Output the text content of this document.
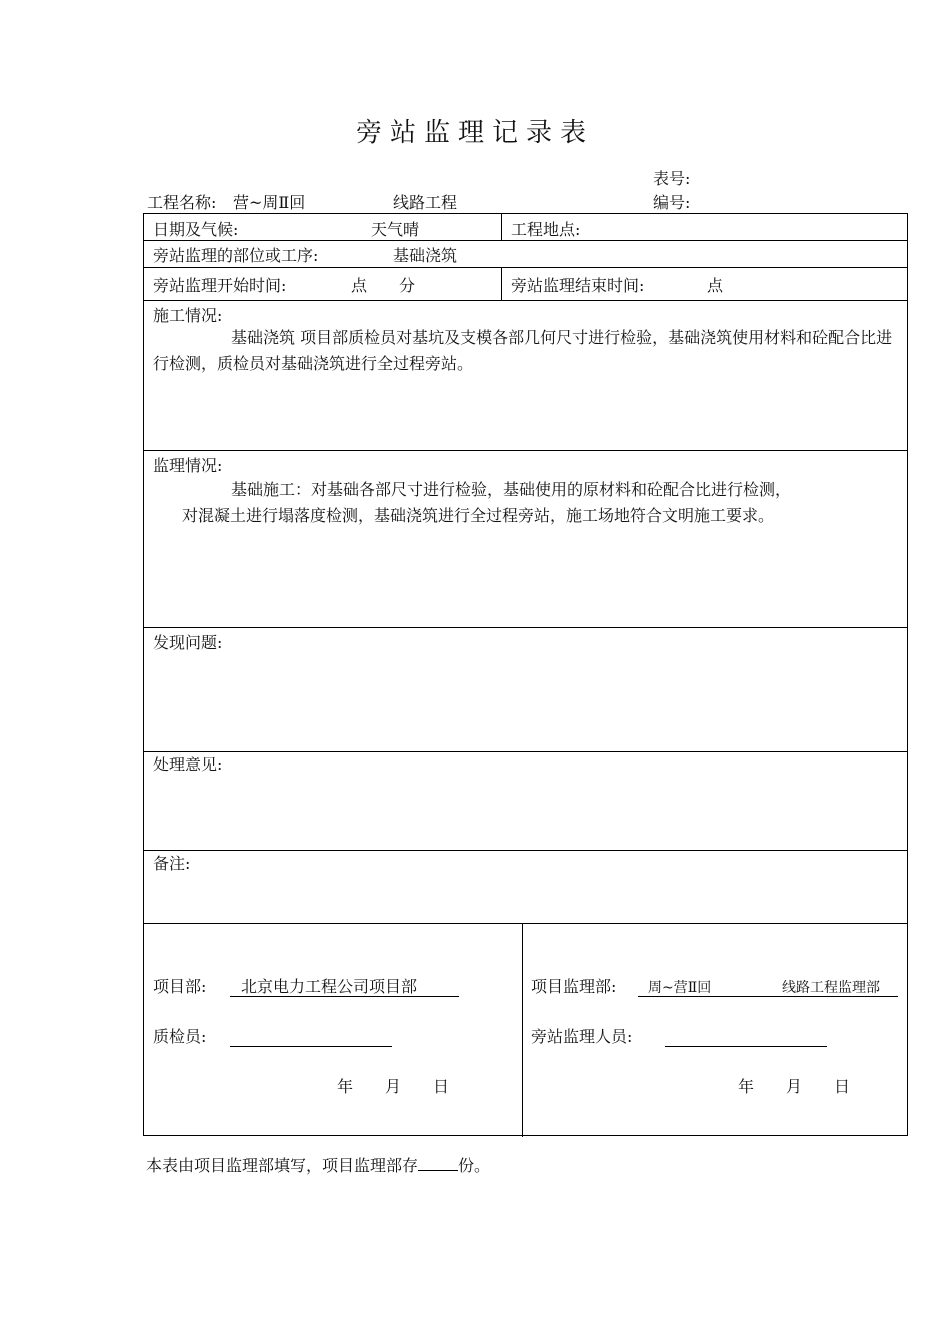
旁站监理记录表
表号:
工程名称: 营~周Ⅱ回	线路工程	编号:
日期及气候:	天气晴	工程地点:
旁站监理的部位或工序:	基础浇筑
旁站监理开始时间:	点 分	旁站监理结束时间:	点
施工情况:
基础浇筑 项目部质检员对基坑及支模各部几何尺寸进行检验，基础浇筑使用材料和砼配合比进行检测，质检员对基础浇筑进行全过程旁站。
监理情况:
基础施工：对基础各部尺寸进行检验，基础使用的原材料和砼配合比进行检测，
对混凝土进行塌落度检测，基础浇筑进行全过程旁站，施工场地符合文明施工要求。
发现问题:
处理意见:
备注:
项目部: 北京电力工程公司项目部
质检员:
年 月 日
项目监理部: 周~营Ⅱ回	线路工程监理部
旁站监理人员:
年 月 日
本表由项目监理部填写，项目监理部存	份。
